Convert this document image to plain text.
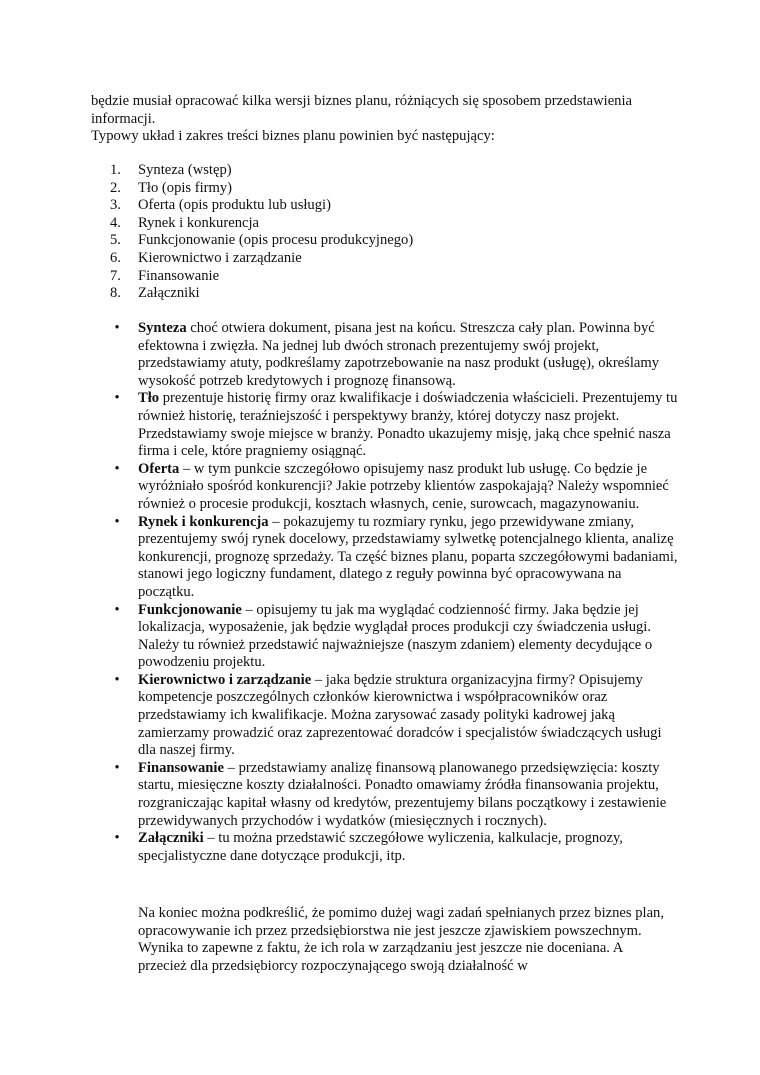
będzie musiał opracować kilka wersji biznes planu, różniących się sposobem przedstawienia informacji.

Typowy układ i zakres treści biznes planu powinien być następujący:

1. Synteza (wstęp)
2. Tło (opis firmy)
3. Oferta (opis produktu lub usługi)
4. Rynek i konkurencja
5. Funkcjonowanie (opis procesu produkcyjnego)
6. Kierownictwo i zarządzanie
7. Finansowanie
8. Załączniki
• Synteza choć otwiera dokument, pisana jest na końcu. Streszcza cały plan. Powinna być efektowna i zwięzła. Na jednej lub dwóch stronach prezentujemy swój projekt, przedstawiamy atuty, podkreślamy zapotrzebowanie na nasz produkt (usługę), określamy wysokość potrzeb kredytowych i prognozę finansową.
• Tło prezentuje historię firmy oraz kwalifikacje i doświadczenia właścicieli. Prezentujemy tu również historię, teraźniejszość i perspektywy branży, której dotyczy nasz projekt. Przedstawiamy swoje miejsce w branży. Ponadto ukazujemy misję, jaką chce spełnić nasza firma i cele, które pragniemy osiągnąć.
• Oferta – w tym punkcie szczegółowo opisujemy nasz produkt lub usługę. Co będzie je wyróżniało spośród konkurencji? Jakie potrzeby klientów zaspokajają? Należy wspomnieć również o procesie produkcji, kosztach własnych, cenie, surowcach, magazynowaniu.
• Rynek i konkurencja – pokazujemy tu rozmiary rynku, jego przewidywane zmiany, prezentujemy swój rynek docelowy, przedstawiamy sylwetkę potencjalnego klienta, analizę konkurencji, prognozę sprzedaży. Ta część biznes planu, poparta szczegółowymi badaniami, stanowi jego logiczny fundament, dlatego z reguły powinna być opracowywana na początku.
• Funkcjonowanie – opisujemy tu jak ma wyglądać codzienność firmy. Jaka będzie jej lokalizacja, wyposażenie, jak będzie wyglądał proces produkcji czy świadczenia usługi. Należy tu również przedstawić najważniejsze (naszym zdaniem) elementy decydujące o powodzeniu projektu.
• Kierownictwo i zarządzanie – jaka będzie struktura organizacyjna firmy? Opisujemy kompetencje poszczególnych członków kierownictwa i współpracowników oraz przedstawiamy ich kwalifikacje. Można zarysować zasady polityki kadrowej jaką zamierzamy prowadzić oraz zaprezentować doradców i specjalistów świadczących usługi dla naszej firmy.
• Finansowanie – przedstawiamy analizę finansową planowanego przedsięwzięcia: koszty startu, miesięczne koszty działalności. Ponadto omawiamy źródła finansowania projektu, rozgraniczając kapitał własny od kredytów, prezentujemy bilans początkowy i zestawienie przewidywanych przychodów i wydatków (miesięcznych i rocznych).
• Załączniki – tu można przedstawić szczegółowe wyliczenia, kalkulacje, prognozy, specjalistyczne dane dotyczące produkcji, itp.

Na koniec można podkreślić, że pomimo dużej wagi zadań spełnianych przez biznes plan, opracowywanie ich przez przedsiębiorstwa nie jest jeszcze zjawiskiem powszechnym. Wynika to zapewne z faktu, że ich rola w zarządzaniu jest jeszcze nie doceniana. A przecież dla przedsiębiorcy rozpoczynającego swoją działalność w
